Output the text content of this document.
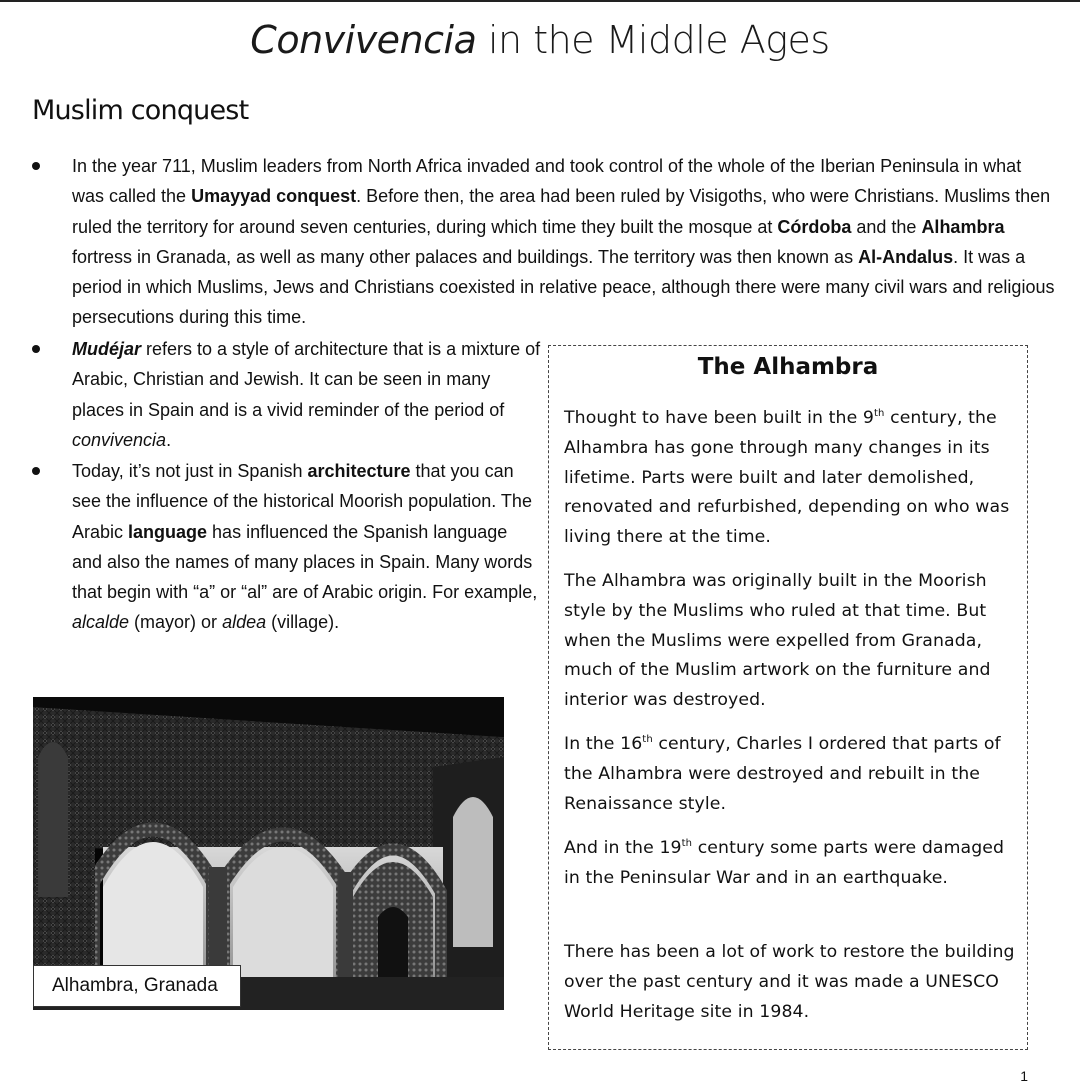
Convivencia in the Middle Ages
Muslim conquest
In the year 711, Muslim leaders from North Africa invaded and took control of the whole of the Iberian Peninsula in what was called the Umayyad conquest. Before then, the area had been ruled by Visigoths, who were Christians. Muslims then ruled the territory for around seven centuries, during which time they built the mosque at Córdoba and the Alhambra fortress in Granada, as well as many other palaces and buildings. The territory was then known as Al-Andalus. It was a period in which Muslims, Jews and Christians coexisted in relative peace, although there were many civil wars and religious persecutions during this time.
Mudéjar refers to a style of architecture that is a mixture of Arabic, Christian and Jewish. It can be seen in many places in Spain and is a vivid reminder of the period of convivencia.
Today, it’s not just in Spanish architecture that you can see the influence of the historical Moorish population. The Arabic language has influenced the Spanish language and also the names of many places in Spain. Many words that begin with “a” or “al” are of Arabic origin. For example, alcalde (mayor) or aldea (village).
Alhambra, Granada
The Alhambra
Thought to have been built in the 9th century, the Alhambra has gone through many changes in its lifetime. Parts were built and later demolished, renovated and refurbished, depending on who was living there at the time.
The Alhambra was originally built in the Moorish style by the Muslims who ruled at that time. But when the Muslims were expelled from Granada, much of the Muslim artwork on the furniture and interior was destroyed.
In the 16th century, Charles I ordered that parts of the Alhambra were destroyed and rebuilt in the Renaissance style.
And in the 19th century some parts were damaged in the Peninsular War and in an earthquake.
There has been a lot of work to restore the building over the past century and it was made a UNESCO World Heritage site in 1984.
1
